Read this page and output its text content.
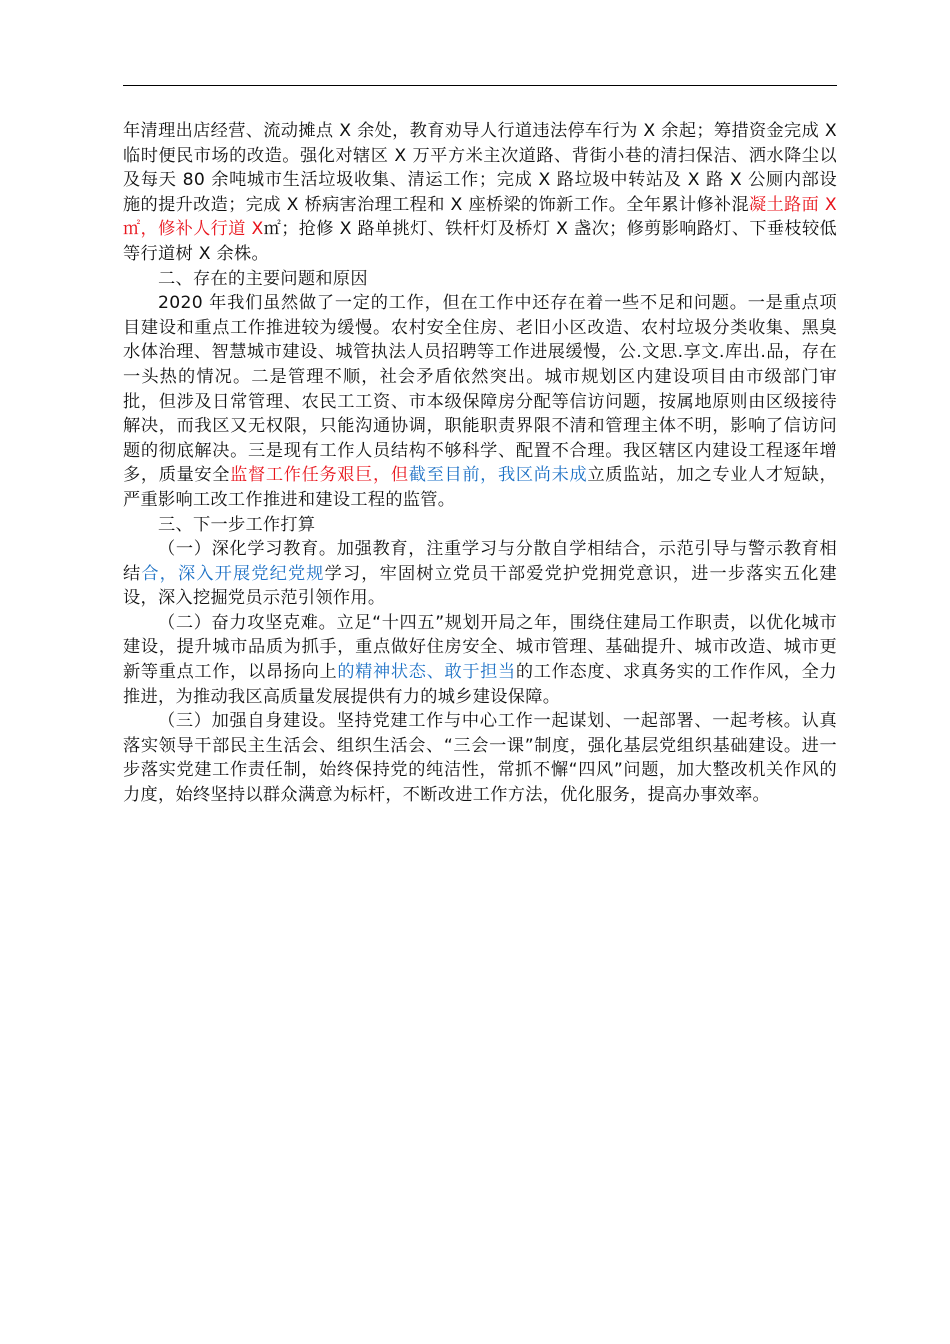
年清理出店经营、流动摊点 X 余处，教育劝导人行道违法停车行为 X 余起；筹措资金完成 X 临时便民市场的改造。强化对辖区 X 万平方米主次道路、背街小巷的清扫保洁、洒水降尘以及每天 80 余吨城市生活垃圾收集、清运工作；完成 X 路垃圾中转站及 X 路 X 公厕内部设施的提升改造；完成 X 桥病害治理工程和 X 座桥梁的饰新工作。全年累计修补混凝土路面 X㎡，修补人行道 X㎡；抢修 X 路单挑灯、铁杆灯及桥灯 X 盏次；修剪影响路灯、下垂枝较低等行道树 X 余株。

二、存在的主要问题和原因

2020 年我们虽然做了一定的工作，但在工作中还存在着一些不足和问题。一是重点项目建设和重点工作推进较为缓慢。农村安全住房、老旧小区改造、农村垃圾分类收集、黑臭水体治理、智慧城市建设、城管执法人员招聘等工作进展缓慢，公.文思.享文.库出.品，存在一头热的情况。二是管理不顺，社会矛盾依然突出。城市规划区内建设项目由市级部门审批，但涉及日常管理、农民工工资、市本级保障房分配等信访问题，按属地原则由区级接待解决，而我区又无权限，只能沟通协调，职能职责界限不清和管理主体不明，影响了信访问题的彻底解决。三是现有工作人员结构不够科学、配置不合理。我区辖区内建设工程逐年增多，质量安全监督工作任务艰巨，但截至目前，我区尚未成立质监站，加之专业人才短缺，严重影响工改工作推进和建设工程的监管。

三、下一步工作打算

（一）深化学习教育。加强教育，注重学习与分散自学相结合，示范引导与警示教育相结合，深入开展党纪党规学习，牢固树立党员干部爱党护党拥党意识，进一步落实五化建设，深入挖掘党员示范引领作用。

（二）奋力攻坚克难。立足“十四五”规划开局之年，围绕住建局工作职责，以优化城市建设，提升城市品质为抓手，重点做好住房安全、城市管理、基础提升、城市改造、城市更新等重点工作，以昂扬向上的精神状态、敢于担当的工作态度、求真务实的工作作风，全力推进，为推动我区高质量发展提供有力的城乡建设保障。

（三）加强自身建设。坚持党建工作与中心工作一起谋划、一起部署、一起考核。认真落实领导干部民主生活会、组织生活会、“三会一课”制度，强化基层党组织基础建设。进一步落实党建工作责任制，始终保持党的纯洁性，常抓不懈“四风”问题，加大整改机关作风的力度，始终坚持以群众满意为标杆，不断改进工作方法，优化服务，提高办事效率。
